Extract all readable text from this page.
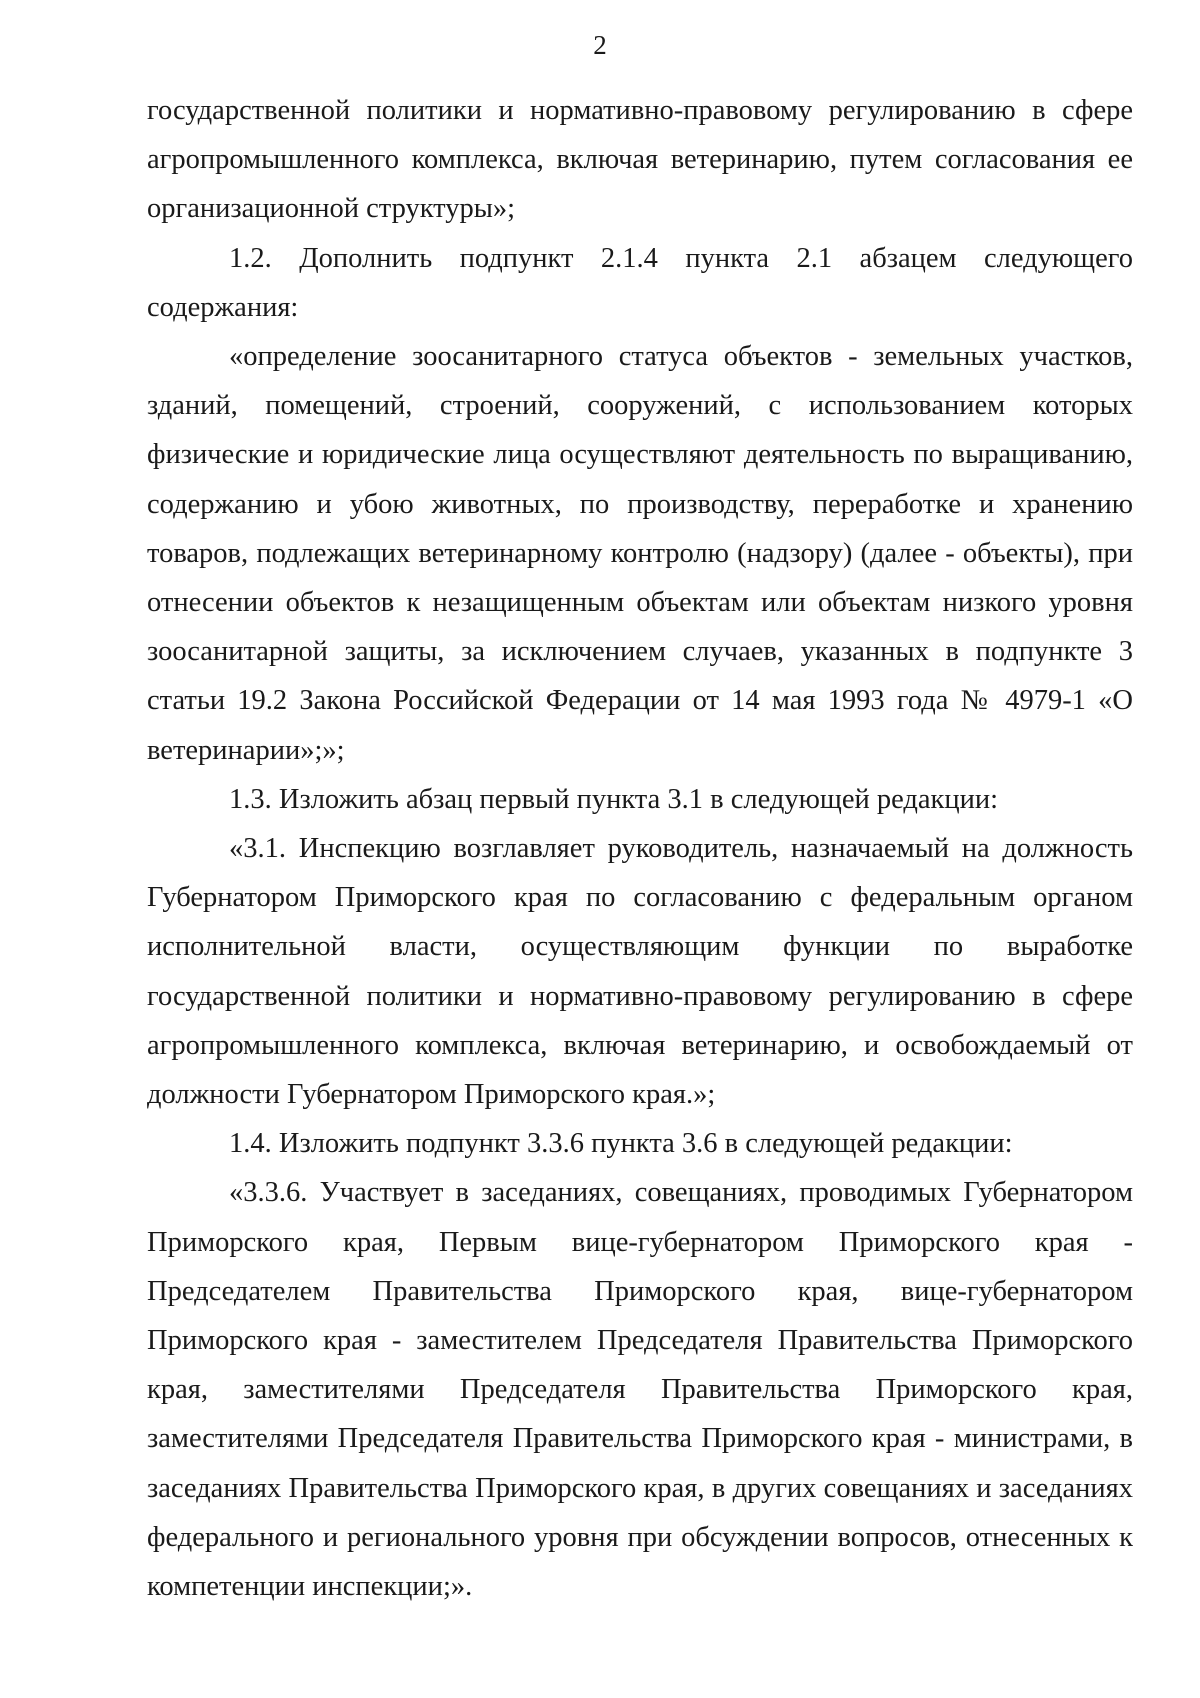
2

государственной политики и нормативно-правовому регулированию в сфере агропромышленного комплекса, включая ветеринарию, путем согласования ее организационной структуры»;

1.2. Дополнить подпункт 2.1.4 пункта 2.1 абзацем следующего содержания:

«определение зоосанитарного статуса объектов - земельных участков, зданий, помещений, строений, сооружений, с использованием которых физические и юридические лица осуществляют деятельность по выращиванию, содержанию и убою животных, по производству, переработке и хранению товаров, подлежащих ветеринарному контролю (надзору) (далее - объекты), при отнесении объектов к незащищенным объектам или объектам низкого уровня зоосанитарной защиты, за исключением случаев, указанных в подпункте 3 статьи 19.2 Закона Российской Федерации от 14 мая 1993 года № 4979-1 «О ветеринарии»;»;

1.3. Изложить абзац первый пункта 3.1 в следующей редакции:

«3.1. Инспекцию возглавляет руководитель, назначаемый на должность Губернатором Приморского края по согласованию с федеральным органом исполнительной власти, осуществляющим функции по выработке государственной политики и нормативно-правовому регулированию в сфере агропромышленного комплекса, включая ветеринарию, и освобождаемый от должности Губернатором Приморского края.»;

1.4. Изложить подпункт 3.3.6 пункта 3.6 в следующей редакции:

«3.3.6. Участвует в заседаниях, совещаниях, проводимых Губернатором Приморского края, Первым вице-губернатором Приморского края - Председателем Правительства Приморского края, вице-губернатором Приморского края - заместителем Председателя Правительства Приморского края, заместителями Председателя Правительства Приморского края, заместителями Председателя Правительства Приморского края - министрами, в заседаниях Правительства Приморского края, в других совещаниях и заседаниях федерального и регионального уровня при обсуждении вопросов, отнесенных к компетенции инспекции;».
